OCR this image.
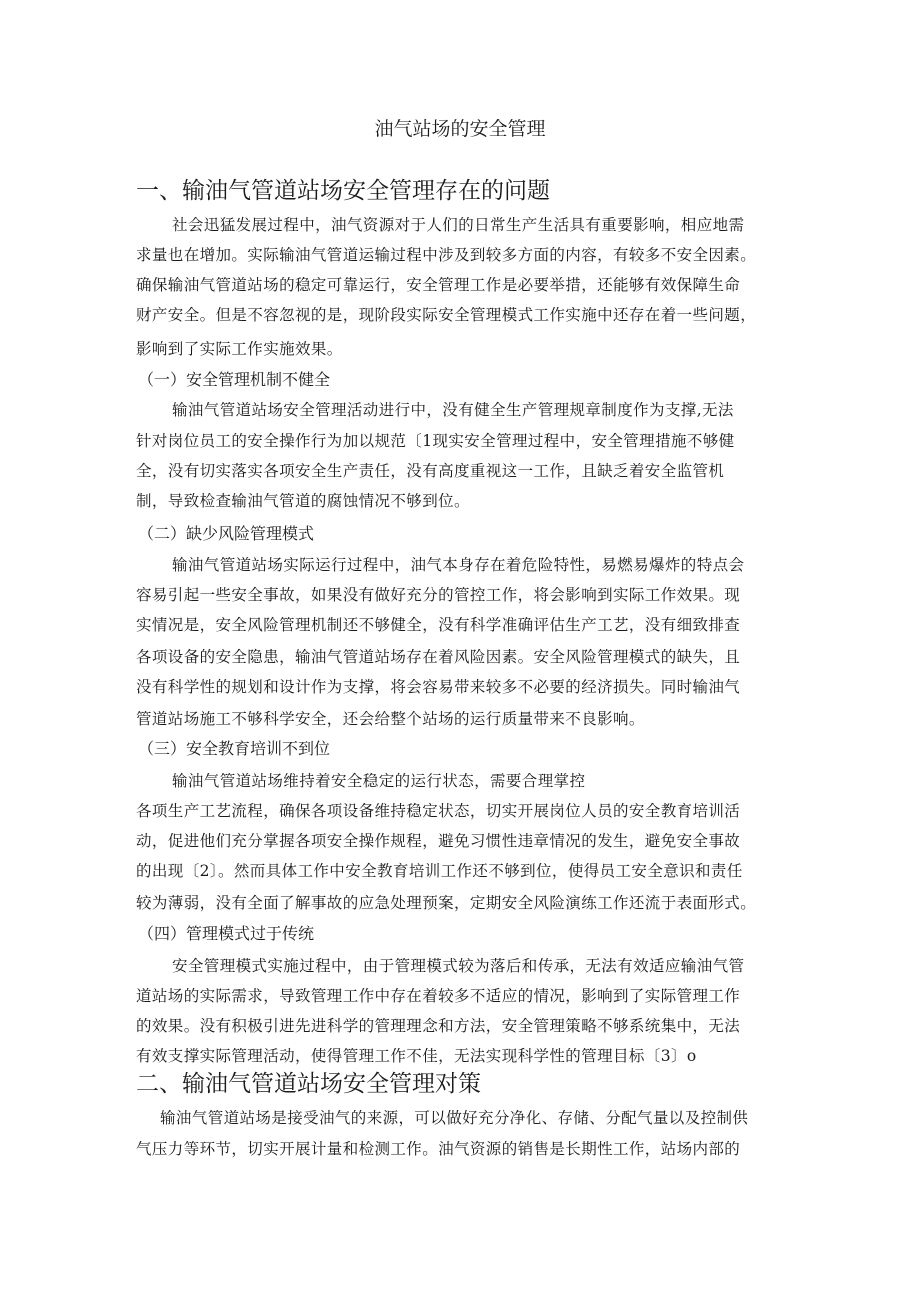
油气站场的安全管理
一、输油气管道站场安全管理存在的问题
社会迅猛发展过程中，油气资源对于人们的日常生产生活具有重要影响，相应地需
求量也在增加。实际输油气管道运输过程中涉及到较多方面的内容，有较多不安全因素。
确保输油气管道站场的稳定可靠运行，安全管理工作是必要举措，还能够有效保障生命
财产安全。但是不容忽视的是，现阶段实际安全管理模式工作实施中还存在着一些问题，
影响到了实际工作实施效果。
（一）安全管理机制不健全
输油气管道站场安全管理活动进行中，没有健全生产管理规章制度作为支撑,无法
针对岗位员工的安全操作行为加以规范〔1现实安全管理过程中，安全管理措施不够健
全，没有切实落实各项安全生产责任，没有高度重视这一工作，且缺乏着安全监管机
制，导致检查输油气管道的腐蚀情况不够到位。
（二）缺少风险管理模式
输油气管道站场实际运行过程中，油气本身存在着危险特性，易燃易爆炸的特点会
容易引起一些安全事故，如果没有做好充分的管控工作，将会影响到实际工作效果。现
实情况是，安全风险管理机制还不够健全，没有科学准确评估生产工艺，没有细致排查
各项设备的安全隐患，输油气管道站场存在着风险因素。安全风险管理模式的缺失，且
没有科学性的规划和设计作为支撑，将会容易带来较多不必要的经济损失。同时输油气
管道站场施工不够科学安全，还会给整个站场的运行质量带来不良影响。
（三）安全教育培训不到位
输油气管道站场维持着安全稳定的运行状态，需要合理掌控
各项生产工艺流程，确保各项设备维持稳定状态，切实开展岗位人员的安全教育培训活
动，促进他们充分掌握各项安全操作规程，避免习惯性违章情况的发生，避免安全事故
的出现〔2〕。然而具体工作中安全教育培训工作还不够到位，使得员工安全意识和责任
较为薄弱，没有全面了解事故的应急处理预案，定期安全风险演练工作还流于表面形式。
（四）管理模式过于传统
安全管理模式实施过程中，由于管理模式较为落后和传承，无法有效适应输油气管
道站场的实际需求，导致管理工作中存在着较多不适应的情况，影响到了实际管理工作
的效果。没有积极引进先进科学的管理理念和方法，安全管理策略不够系统集中，无法
有效支撑实际管理活动，使得管理工作不佳，无法实现科学性的管理目标〔3〕o
二、输油气管道站场安全管理对策
输油气管道站场是接受油气的来源，可以做好充分净化、存储、分配气量以及控制供
气压力等环节，切实开展计量和检测工作。油气资源的销售是长期性工作，站场内部的
